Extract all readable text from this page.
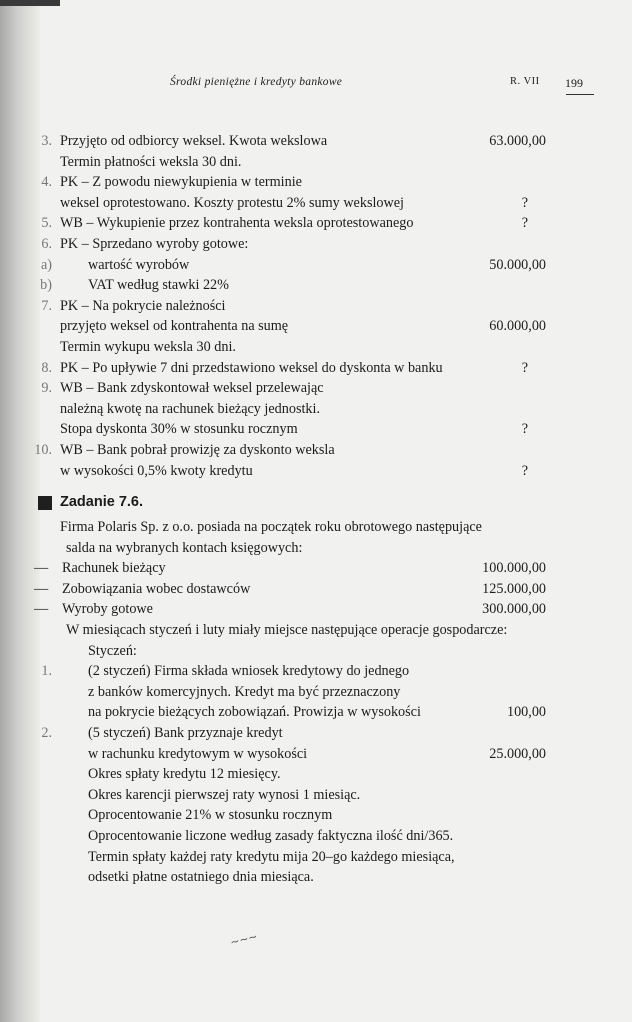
Środki pieniężne i kredyty bankowe	R. VII 199
3. Przyjęto od odbiorcy weksel. Kwota wekslowa	63.000,00
Termin płatności weksla 30 dni.
4. PK – Z powodu niewykupienia w terminie
weksel oprotestowano. Koszty protestu 2% sumy wekslowej	?
5. WB – Wykupienie przez kontrahenta weksla oprotestowanego	?
6. PK – Sprzedano wyroby gotowe:
a)	wartość wyrobów	50.000,00
b)	VAT według stawki 22%
7. PK – Na pokrycie należności
przyjęto weksel od kontrahenta na sumę	60.000,00
Termin wykupu weksla 30 dni.
8. PK – Po upływie 7 dni przedstawiono weksel do dyskonta w banku	?
9. WB – Bank zdyskontował weksel przelewając
należną kwotę na rachunek bieżący jednostki.
Stopa dyskonta 30% w stosunku rocznym	?
10. WB – Bank pobrał prowizję za dyskonto weksla
w wysokości 0,5% kwoty kredytu	?
Zadanie 7.6.
Firma Polaris Sp. z o.o. posiada na początek roku obrotowego następujące
salda na wybranych kontach księgowych:
— Rachunek bieżący	100.000,00
— Zobowiązania wobec dostawców	125.000,00
— Wyroby gotowe	300.000,00
W miesiącach styczeń i luty miały miejsce następujące operacje gospodarcze:
Styczeń:
1.	(2 styczeń) Firma składa wniosek kredytowy do jednego
z banków komercyjnych. Kredyt ma być przeznaczony
na pokrycie bieżących zobowiązań. Prowizja w wysokości	100,00
2.	(5 styczeń) Bank przyznaje kredyt
w rachunku kredytowym w wysokości	25.000,00
Okres spłaty kredytu 12 miesięcy.
Okres karencji pierwszej raty wynosi 1 miesiąc.
Oprocentowanie 21% w stosunku rocznym
Oprocentowanie liczone według zasady faktyczna ilość dni/365.
Termin spłaty każdej raty kredytu mija 20–go każdego miesiąca,
odsetki płatne ostatniego dnia miesiąca.
~~~
